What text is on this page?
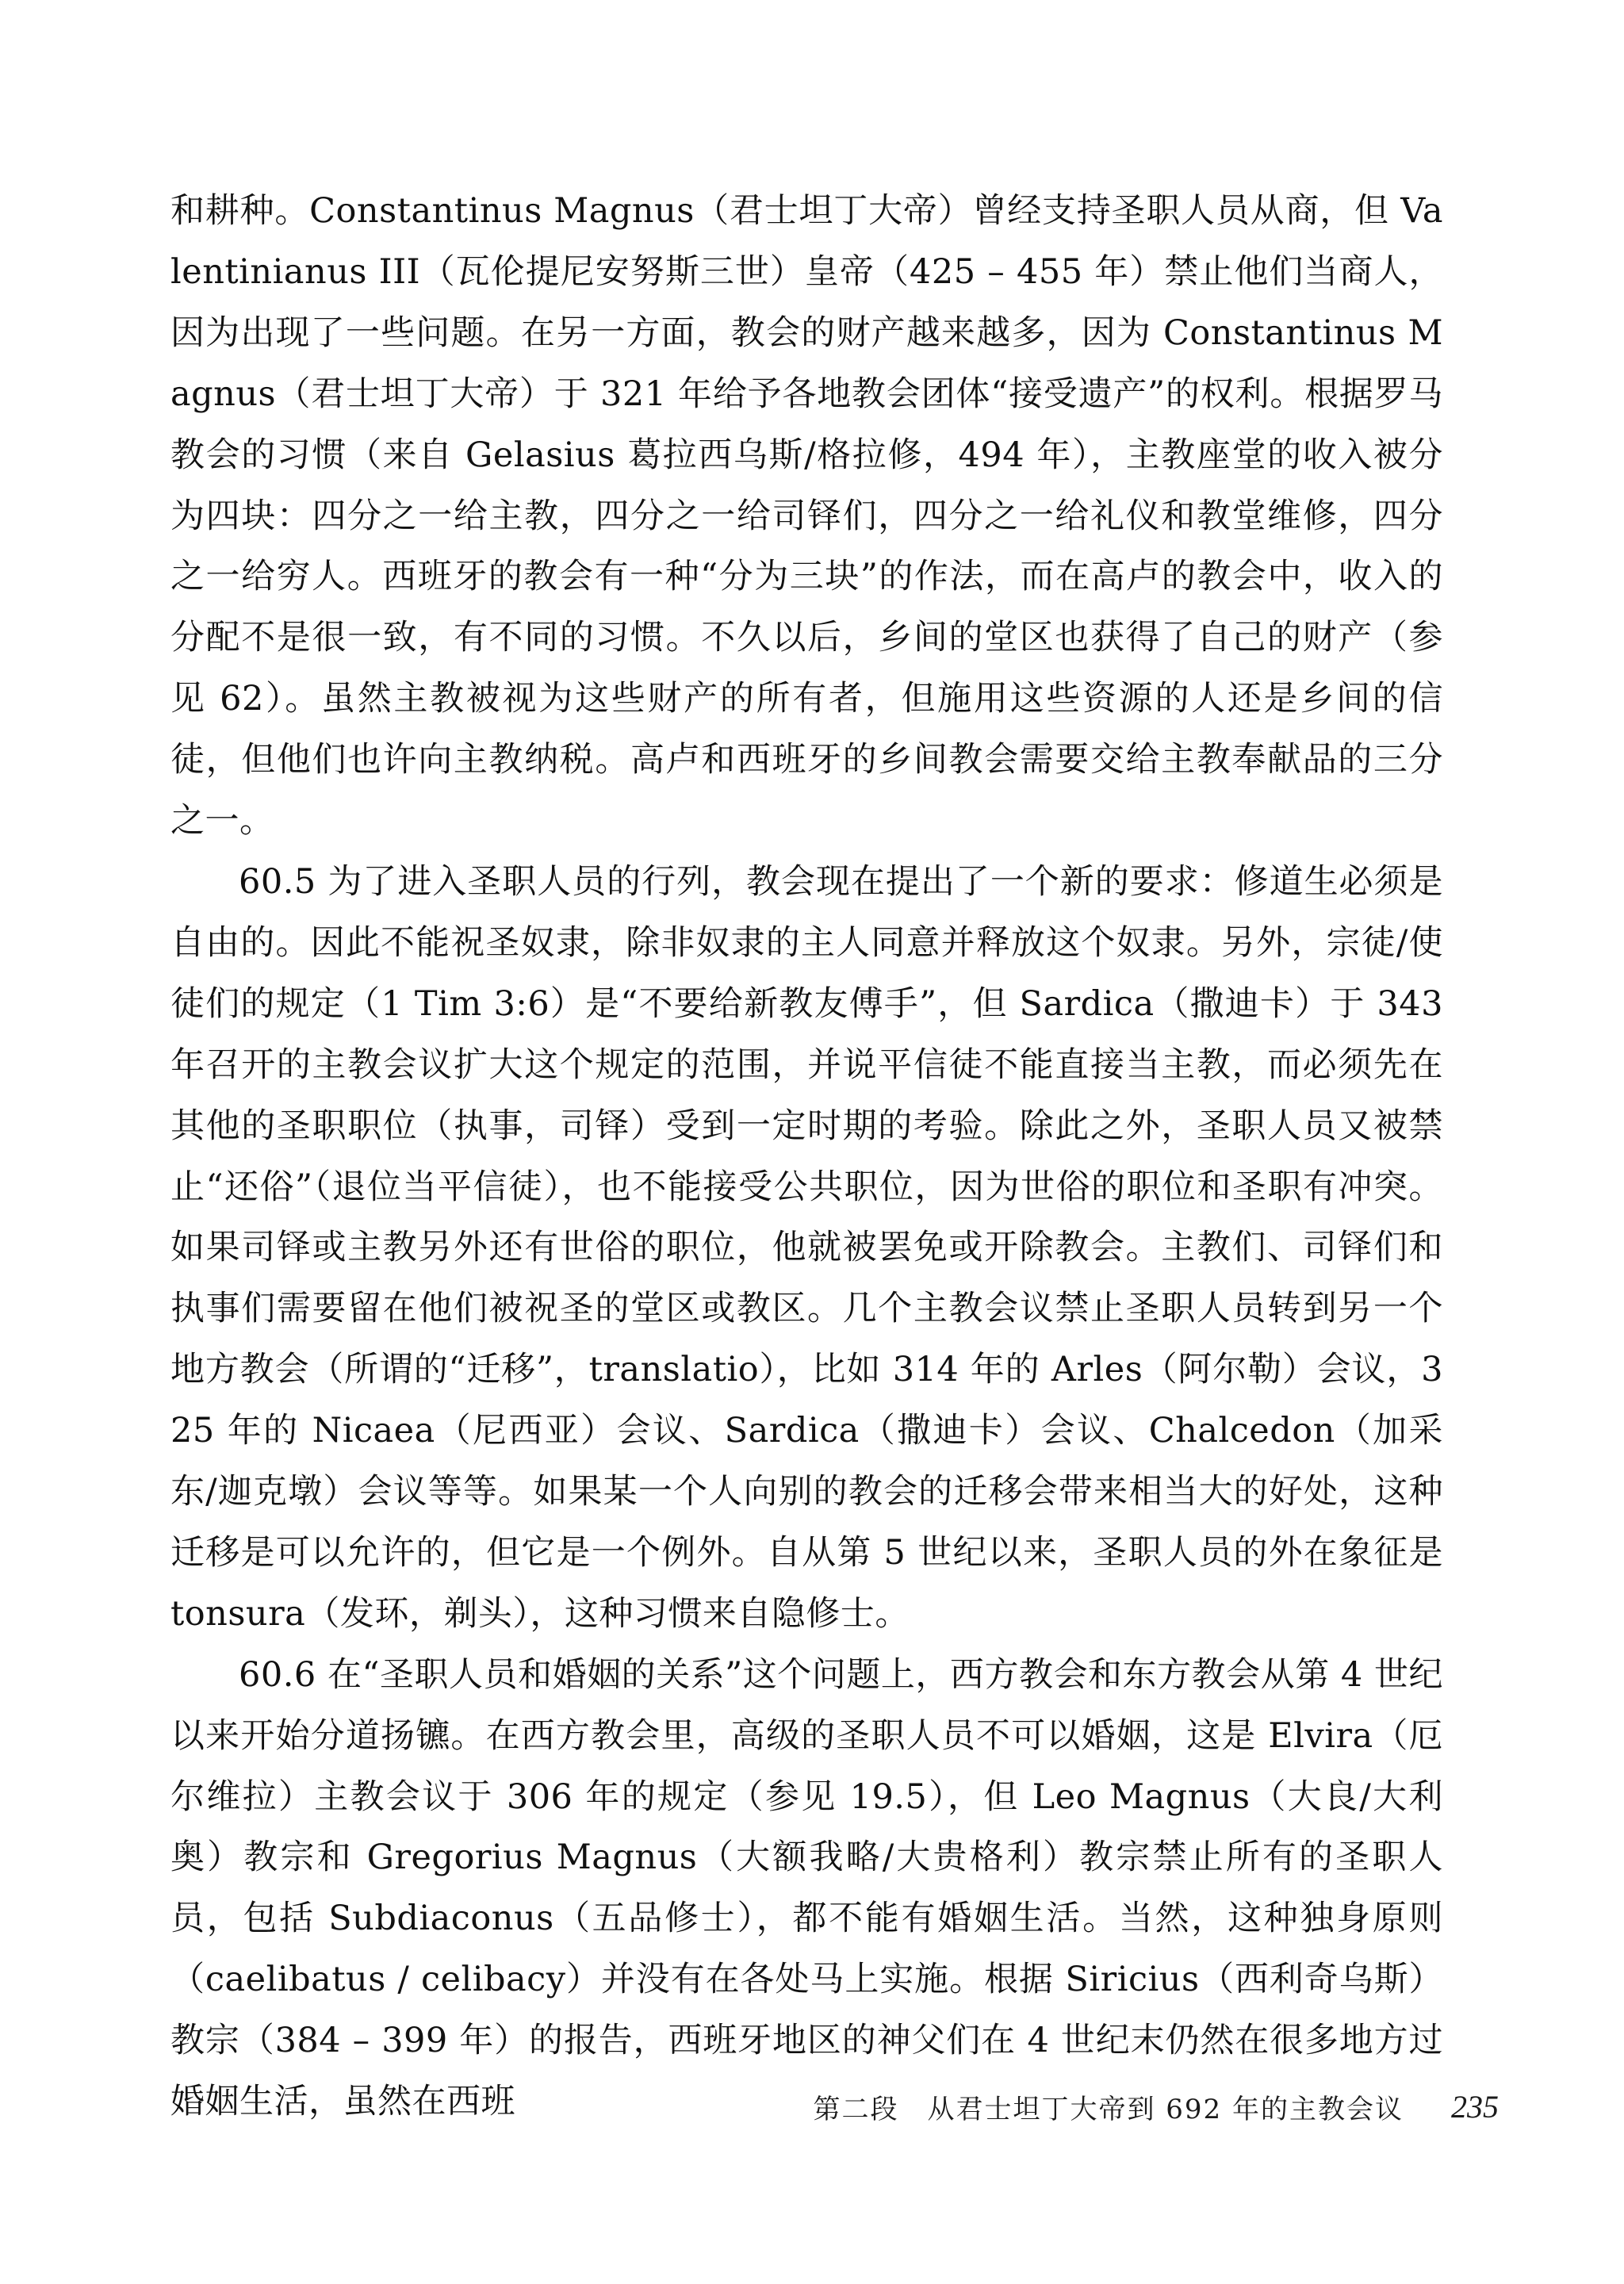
和耕种。Constantinus Magnus（君士坦丁大帝）曾经支持圣职人员从商，但 Valentinianus III（瓦伦提尼安努斯三世）皇帝（425 – 455 年）禁止他们当商人，因为出现了一些问题。在另一方面，教会的财产越来越多，因为 Constantinus Magnus（君士坦丁大帝）于 321 年给予各地教会团体“接受遗产”的权利。根据罗马教会的习惯（来自 Gelasius 葛拉西乌斯/格拉修，494 年），主教座堂的收入被分为四块：四分之一给主教，四分之一给司铎们，四分之一给礼仪和教堂维修，四分之一给穷人。西班牙的教会有一种“分为三块”的作法，而在高卢的教会中，收入的分配不是很一致，有不同的习惯。不久以后，乡间的堂区也获得了自己的财产（参见 62）。虽然主教被视为这些财产的所有者，但施用这些资源的人还是乡间的信徒，但他们也许向主教纳税。高卢和西班牙的乡间教会需要交给主教奉献品的三分之一。

60.5 为了进入圣职人员的行列，教会现在提出了一个新的要求：修道生必须是自由的。因此不能祝圣奴隶，除非奴隶的主人同意并释放这个奴隶。另外，宗徒/使徒们的规定（1 Tim 3:6）是“不要给新教友傅手”，但 Sardica（撒迪卡）于 343 年召开的主教会议扩大这个规定的范围，并说平信徒不能直接当主教，而必须先在其他的圣职职位（执事，司铎）受到一定时期的考验。除此之外，圣职人员又被禁止“还俗”（退位当平信徒），也不能接受公共职位，因为世俗的职位和圣职有冲突。如果司铎或主教另外还有世俗的职位，他就被罢免或开除教会。主教们、司铎们和执事们需要留在他们被祝圣的堂区或教区。几个主教会议禁止圣职人员转到另一个地方教会（所谓的“迁移”，translatio），比如 314 年的 Arles（阿尔勒）会议，325 年的 Nicaea（尼西亚）会议、Sardica（撒迪卡）会议、Chalcedon（加采东/迦克墩）会议等等。如果某一个人向别的教会的迁移会带来相当大的好处，这种迁移是可以允许的，但它是一个例外。自从第 5 世纪以来，圣职人员的外在象征是 tonsura（发环，剃头），这种习惯来自隐修士。

60.6 在“圣职人员和婚姻的关系”这个问题上，西方教会和东方教会从第 4 世纪以来开始分道扬镳。在西方教会里，高级的圣职人员不可以婚姻，这是 Elvira（厄尔维拉）主教会议于 306 年的规定（参见 19.5），但 Leo Magnus（大良/大利奥）教宗和 Gregorius Magnus（大额我略/大贵格利）教宗禁止所有的圣职人员，包括 Subdiaconus（五品修士），都不能有婚姻生活。当然，这种独身原则（caelibatus / celibacy）并没有在各处马上实施。根据 Siricius（西利奇乌斯）教宗（384 – 399 年）的报告，西班牙地区的神父们在 4 世纪末仍然在很多地方过婚姻生活，虽然在西班	第二段　从君士坦丁大帝到 692 年的主教会议 235
